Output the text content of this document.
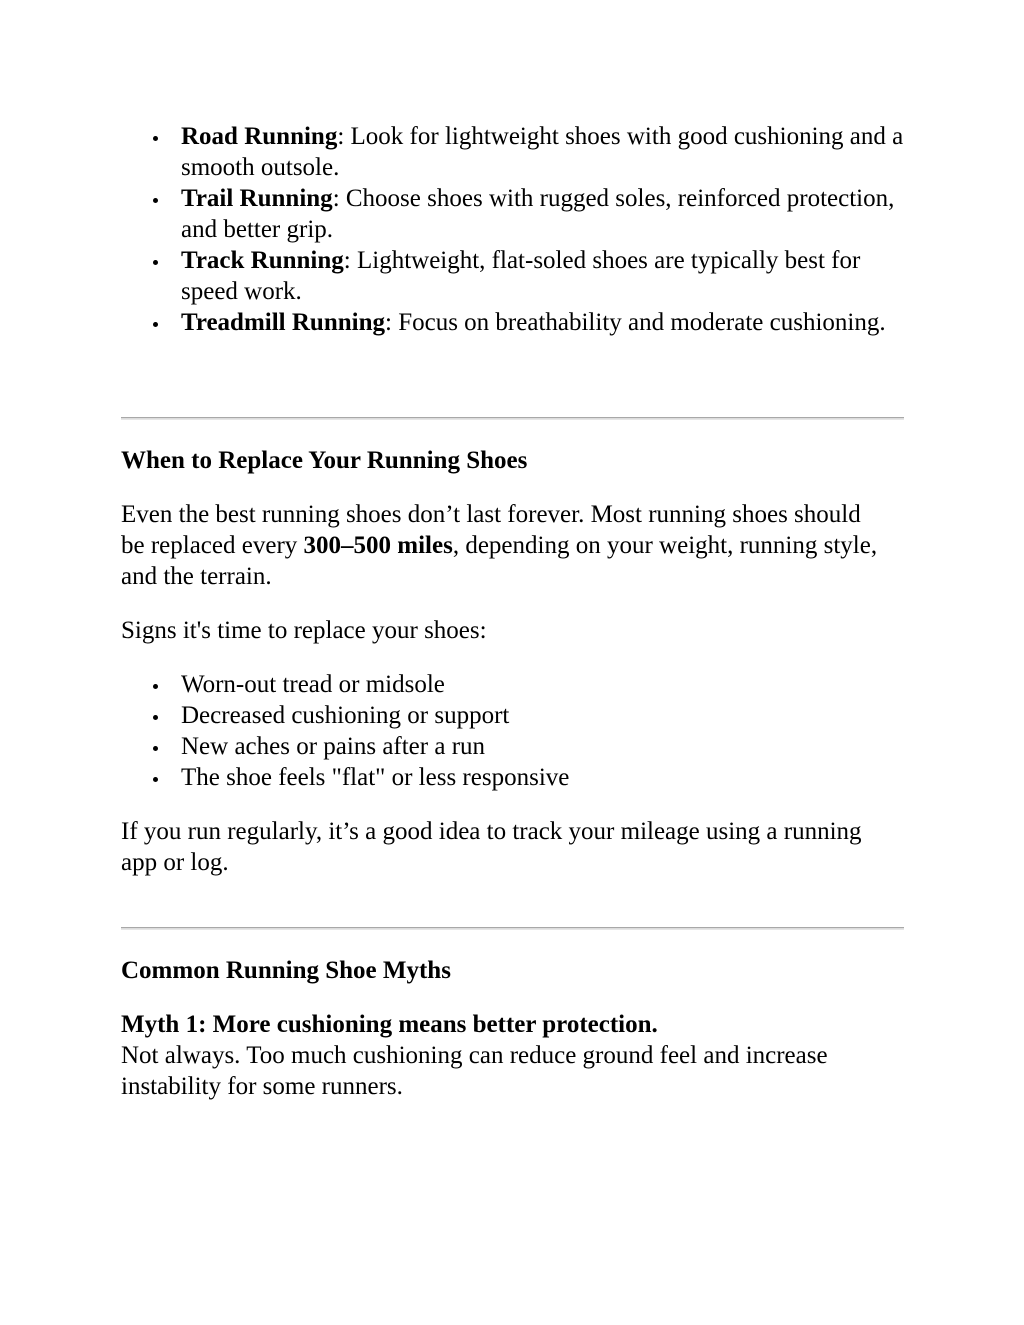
Road Running: Look for lightweight shoes with good cushioning and a smooth outsole.
Trail Running: Choose shoes with rugged soles, reinforced protection, and better grip.
Track Running: Lightweight, flat-soled shoes are typically best for speed work.
Treadmill Running: Focus on breathability and moderate cushioning.
When to Replace Your Running Shoes

Even the best running shoes don’t last forever. Most running shoes should be replaced every 300–500 miles, depending on your weight, running style, and the terrain.

Signs it's time to replace your shoes:

Worn-out tread or midsole
Decreased cushioning or support
New aches or pains after a run
The shoe feels "flat" or less responsive

If you run regularly, it’s a good idea to track your mileage using a running app or log.

Common Running Shoe Myths

Myth 1: More cushioning means better protection.
Not always. Too much cushioning can reduce ground feel and increase instability for some runners.
